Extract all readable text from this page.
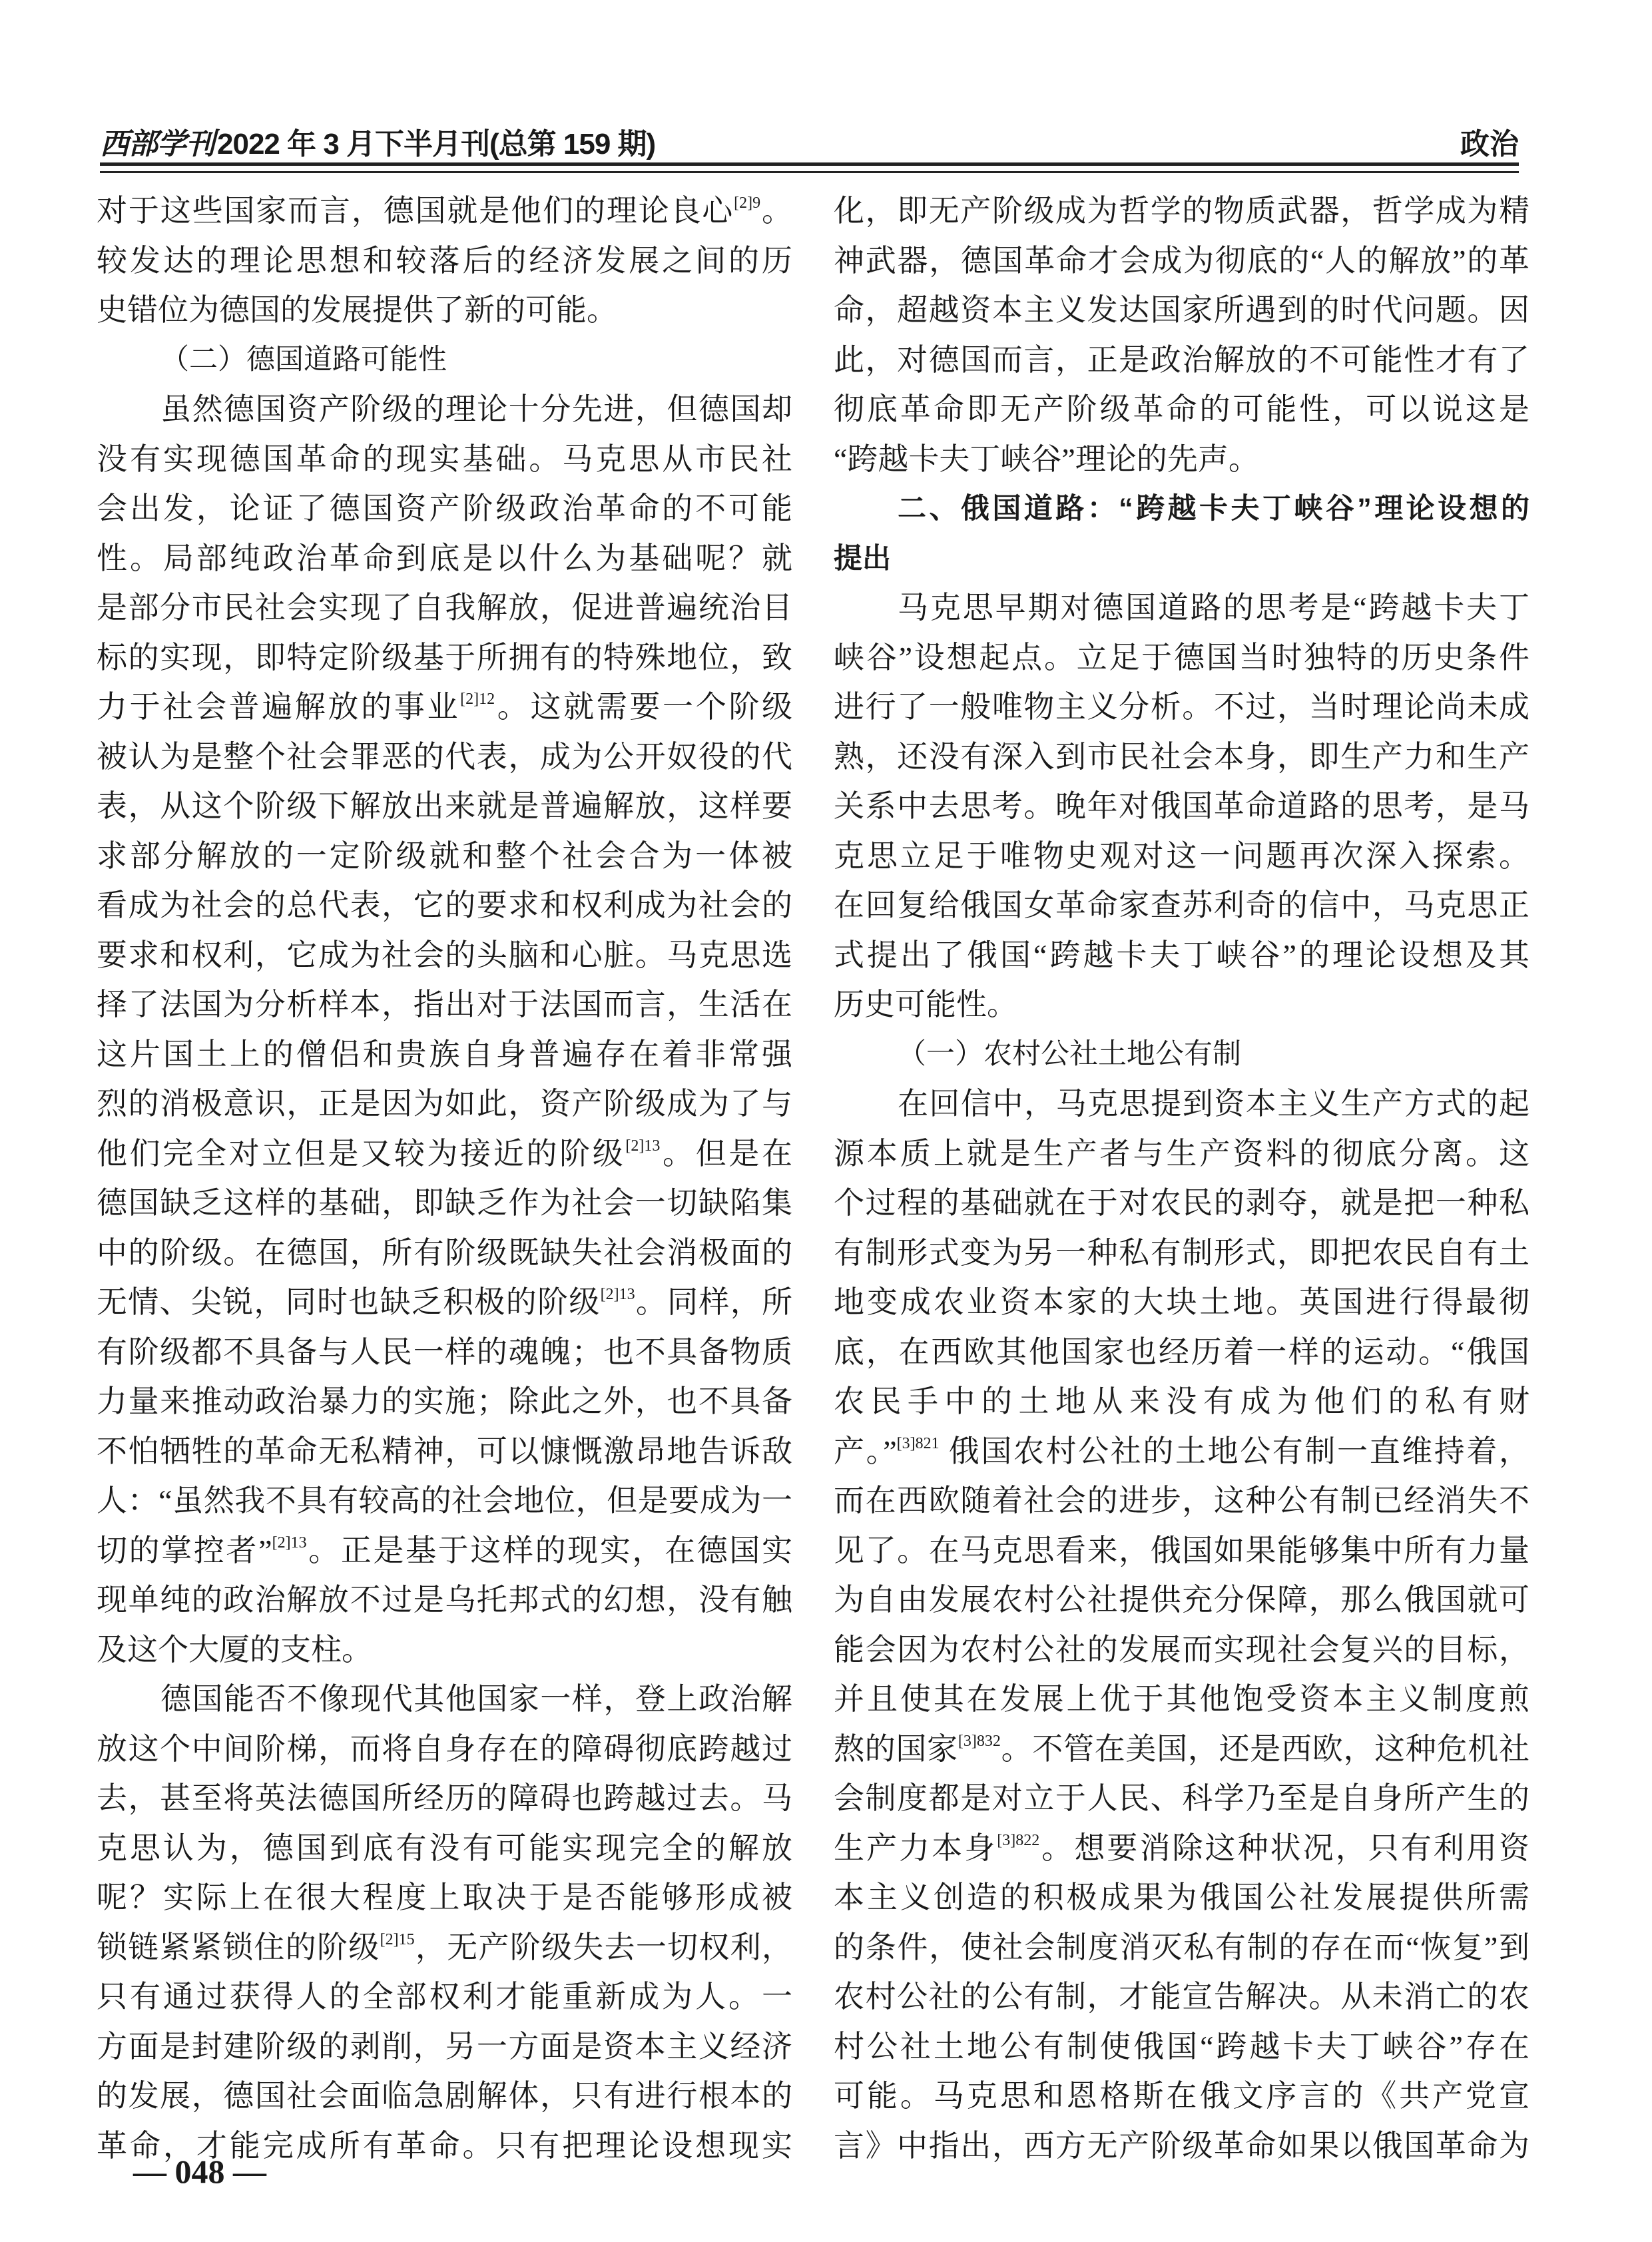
西部学刊2022 年 3 月下半月刊(总第 159 期)	政治
对于这些国家而言，德国就是他们的理论良心$^{[2]9}$。
较发达的理论思想和较落后的经济发展之间的历
史错位为德国的发展提供了新的可能。
（二）德国道路可能性
虽然德国资产阶级的理论十分先进，但德国却
没有实现德国革命的现实基础。马克思从市民社
会出发，论证了德国资产阶级政治革命的不可能
性。局部纯政治革命到底是以什么为基础呢？就
是部分市民社会实现了自我解放，促进普遍统治目
标的实现，即特定阶级基于所拥有的特殊地位，致
力于社会普遍解放的事业$^{[2]12}$。这就需要一个阶级
被认为是整个社会罪恶的代表，成为公开奴役的代
表，从这个阶级下解放出来就是普遍解放，这样要
求部分解放的一定阶级就和整个社会合为一体被
看成为社会的总代表，它的要求和权利成为社会的
要求和权利，它成为社会的头脑和心脏。马克思选
择了法国为分析样本，指出对于法国而言，生活在
这片国土上的僧侣和贵族自身普遍存在着非常强
烈的消极意识，正是因为如此，资产阶级成为了与
他们完全对立但是又较为接近的阶级$^{[2]13}$。但是在
德国缺乏这样的基础，即缺乏作为社会一切缺陷集
中的阶级。在德国，所有阶级既缺失社会消极面的
无情、尖锐，同时也缺乏积极的阶级$^{[2]13}$。同样，所
有阶级都不具备与人民一样的魂魄；也不具备物质
力量来推动政治暴力的实施；除此之外，也不具备
不怕牺牲的革命无私精神，可以慷慨激昂地告诉敌
人：“虽然我不具有较高的社会地位，但是要成为一
切的掌控者”$^{[2]13}$。正是基于这样的现实，在德国实
现单纯的政治解放不过是乌托邦式的幻想，没有触
及这个大厦的支柱。
德国能否不像现代其他国家一样，登上政治解
放这个中间阶梯，而将自身存在的障碍彻底跨越过
去，甚至将英法德国所经历的障碍也跨越过去。马
克思认为，德国到底有没有可能实现完全的解放
呢？实际上在很大程度上取决于是否能够形成被
锁链紧紧锁住的阶级$^{[2]15}$，无产阶级失去一切权利，
只有通过获得人的全部权利才能重新成为人。一
方面是封建阶级的剥削，另一方面是资本主义经济
的发展，德国社会面临急剧解体，只有进行根本的
革命，才能完成所有革命。只有把理论设想现实
化，即无产阶级成为哲学的物质武器，哲学成为精
神武器，德国革命才会成为彻底的“人的解放”的革
命，超越资本主义发达国家所遇到的时代问题。因
此，对德国而言，正是政治解放的不可能性才有了
彻底革命即无产阶级革命的可能性，可以说这是
“跨越卡夫丁峡谷”理论的先声。
二、俄国道路：“跨越卡夫丁峡谷”理论设想的
提出
马克思早期对德国道路的思考是“跨越卡夫丁
峡谷”设想起点。立足于德国当时独特的历史条件
进行了一般唯物主义分析。不过，当时理论尚未成
熟，还没有深入到市民社会本身，即生产力和生产
关系中去思考。晚年对俄国革命道路的思考，是马
克思立足于唯物史观对这一问题再次深入探索。
在回复给俄国女革命家查苏利奇的信中，马克思正
式提出了俄国“跨越卡夫丁峡谷”的理论设想及其
历史可能性。
（一）农村公社土地公有制
在回信中，马克思提到资本主义生产方式的起
源本质上就是生产者与生产资料的彻底分离。这
个过程的基础就在于对农民的剥夺，就是把一种私
有制形式变为另一种私有制形式，即把农民自有土
地变成农业资本家的大块土地。英国进行得最彻
底，在西欧其他国家也经历着一样的运动。“俄国
农民手中的土地从来没有成为他们的私有财
产。”$^{[3]821}$ 俄国农村公社的土地公有制一直维持着，
而在西欧随着社会的进步，这种公有制已经消失不
见了。在马克思看来，俄国如果能够集中所有力量
为自由发展农村公社提供充分保障，那么俄国就可
能会因为农村公社的发展而实现社会复兴的目标，
并且使其在发展上优于其他饱受资本主义制度煎
熬的国家$^{[3]832}$。不管在美国，还是西欧，这种危机社
会制度都是对立于人民、科学乃至是自身所产生的
生产力本身$^{[3]822}$。想要消除这种状况，只有利用资
本主义创造的积极成果为俄国公社发展提供所需
的条件，使社会制度消灭私有制的存在而“恢复”到
农村公社的公有制，才能宣告解决。从未消亡的农
村公社土地公有制使俄国“跨越卡夫丁峡谷”存在
可能。马克思和恩格斯在俄文序言的《共产党宣
言》中指出，西方无产阶级革命如果以俄国革命为
— 048 —
